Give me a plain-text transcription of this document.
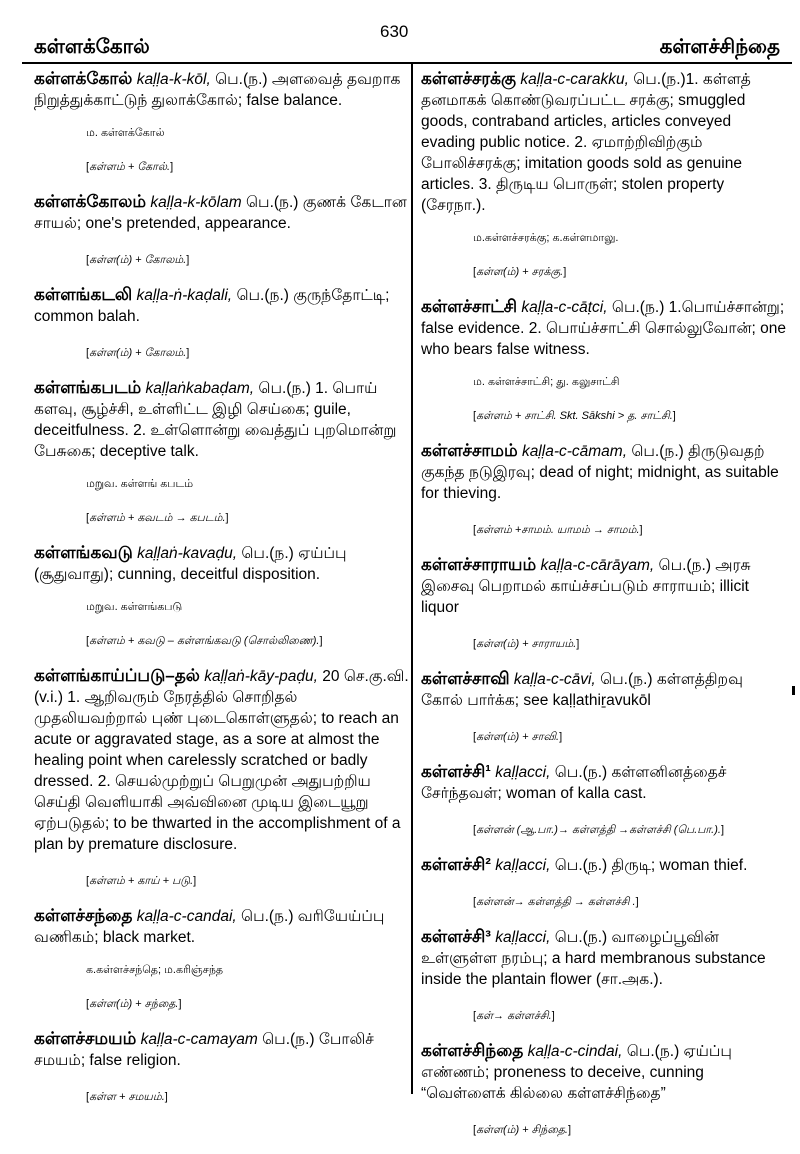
கள்ளக்கோல்
630
கள்ளச்சிந்தை

கள்ளக்கோல் kaḷḷa-k-kōl, பெ.(ந.) அளவைத் தவறாக நிறுத்துக்காட்டுந் துலாக்கோல்; false balance.

ம. கள்ளக்கோல்
[ கள்ளம் + கோல். ]

கள்ளக்கோலம் kaḷḷa-k-kōlam பெ.(ந.) குணக் கேடான சாயல்; one's pretended, appearance.

[ கள்ள(ம்) + கோலம். ]

கள்ளங்கடலி kaḷḷa-ṅ-kaḍali, பெ.(ந.) குருந்தோட்டி; common balah.

[ கள்ள(ம்) + கோலம். ]

கள்ளங்கபடம் kaḷḷaṅkabaḍam, பெ.(ந.) 1. பொய் களவு, சூழ்ச்சி, உள்ளிட்ட இழி செய்கை; guile, deceitfulness. 2. உள்ளொன்று வைத்துப் புறமொன்று பேசுகை; deceptive talk.

மறுவ. கள்ளங் கபடம்
[ கள்ளம் + கவடம் → கபடம். ]

கள்ளங்கவடு kaḷḷaṅ-kavaḍu, பெ.(ந.) ஏய்ப்பு (சூதுவாது); cunning, deceitful disposition.

மறுவ. கள்ளங்கபடு
[ கள்ளம் + கவடு – கள்ளங்கவடு (சொல்லிணை). ]

கள்ளங்காய்ப்படு–தல் kaḷḷaṅ-kāy-paḍu, 20 செ.கு.வி. (v.i.) 1. ஆறிவரும் நேரத்தில் சொறிதல் முதலியவற்றால் புண் புடைகொள்ளுதல்; to reach an acute or aggravated stage, as a sore at almost the healing point when carelessly scratched or badly dressed. 2. செயல்முற்றுப் பெறுமுன் அதுபற்றிய செய்தி வெளியாகி அவ்வினை முடிய இடையூறு ஏற்படுதல்; to be thwarted in the accomplishment of a plan by premature disclosure.

[ கள்ளம் + காய் + படு. ]

கள்ளச்சந்தை kaḷḷa-c-candai, பெ.(ந.) வரியேய்ப்பு வணிகம்; black market.

க.கள்ளச்சந்தெ; ம.கரிஞ்சந்த
[ கள்ள(ம்) + சந்தை. ]

கள்ளச்சமயம் kaḷḷa-c-camayam பெ.(ந.) போலிச் சமயம்; false religion.

[ கள்ள + சமயம். ]

கள்ளச்சரக்கு kaḷḷa-c-carakku, பெ.(ந.)1. கள்ளத் தனமாகக் கொண்டுவரப்பட்ட சரக்கு; smuggled goods, contraband articles, articles conveyed evading public notice. 2. ஏமாற்றிவிற்கும் போலிச்சரக்கு; imitation goods sold as genuine articles. 3. திருடிய பொருள்; stolen property (சேரநா.).

ம.கள்ளச்சரக்கு; க.கள்ளமாலு.
[ கள்ள(ம்) + சரக்கு. ]

கள்ளச்சாட்சி kaḷḷa-c-cāṭci, பெ.(ந.) 1.பொய்ச்சான்று; false evidence. 2. பொய்ச்சாட்சி சொல்லுவோன்; one who bears false witness.

ம. கள்ளச்சாட்சி; து. கலுசாட்சி
[ கள்ளம் + சாட்சி. Skt. Sākshi > த. சாட்சி. ]

கள்ளச்சாமம் kaḷḷa-c-cāmam, பெ.(ந.) திருடுவதற் குகந்த நடுஇரவு; dead of night; midnight, as suitable for thieving.

[ கள்ளம் +சாமம். யாமம் → சாமம். ]

கள்ளச்சாராயம் kaḷḷa-c-cārāyam, பெ.(ந.) அரசு இசைவு பெறாமல் காய்ச்சப்படும் சாராயம்; illicit liquor

[ கள்ள(ம்) + சாராயம். ]

கள்ளச்சாவி kaḷḷa-c-cāvi, பெ.(ந.) கள்ளத்திறவு கோல் பார்க்க; see kaḷḷathiṟavukōl

[ கள்ள(ம்) + சாவி. ]

கள்ளச்சி¹ kaḷḷacci, பெ.(ந.) கள்ளனினத்தைச் சேர்ந்தவள்; woman of kalla cast.

[ கள்ளன் (ஆ.பா.)→ கள்ளத்தி →கள்ளச்சி (பெ.பா.). ]

கள்ளச்சி² kaḷḷacci, பெ.(ந.) திருடி; woman thief.

[ கள்ளன்→ கள்ளத்தி → கள்ளச்சி . ]

கள்ளச்சி³ kaḷḷacci, பெ.(ந.) வாழைப்பூவின் உள்ளுள்ள நரம்பு; a hard membranous substance inside the plantain flower (சா.அக.).

[ கள்→ கள்ளச்சி. ]

கள்ளச்சிந்தை kaḷḷa-c-cindai, பெ.(ந.) ஏய்ப்பு எண்ணம்; proneness to deceive, cunning “வெள்ளைக் கில்லை கள்ளச்சிந்தை”

[ கள்ள(ம்) + சிந்தை. ]
